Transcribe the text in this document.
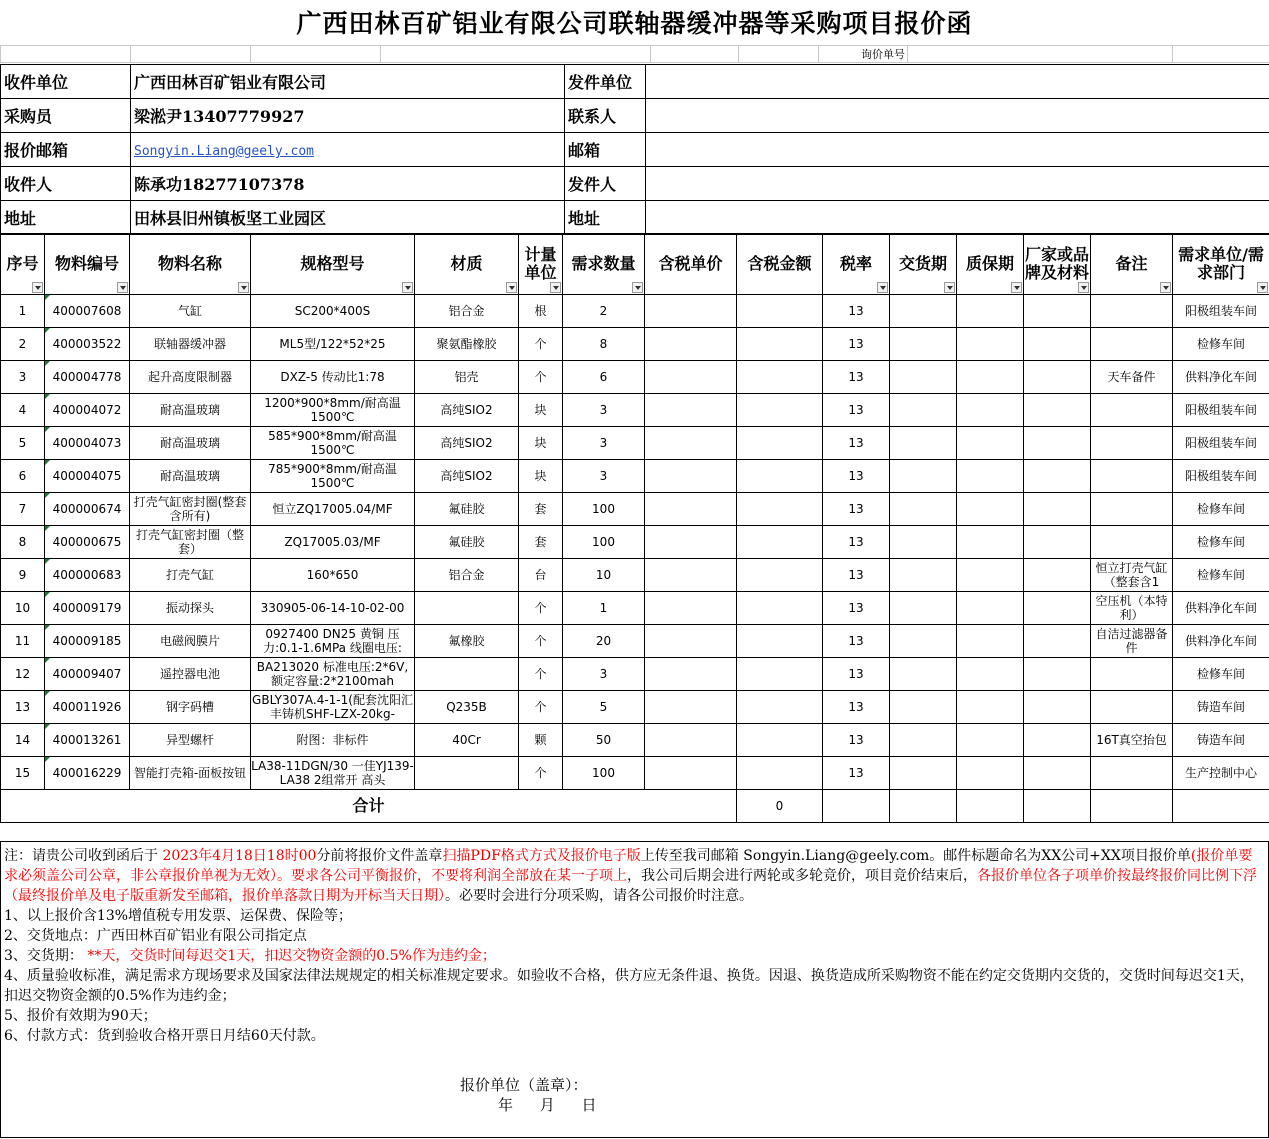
广西田林百矿铝业有限公司联轴器缓冲器等采购项目报价函
						询价单号		
收件单位	广西田林百矿铝业有限公司	发件单位	
采购员	梁淞尹13407779927	联系人	
报价邮箱	Songyin.Liang@geely.com	邮箱	
收件人	陈承功18277107378	发件人	
地址	田林县旧州镇板坚工业园区	地址	
序号	物料编号	物料名称	规格型号	材质	计量单位	需求数量	含税单价	含税金额	税率	交货期	质保期	厂家或品牌及材料	备注	需求单位/需求部门

1	400007608	气缸	SC200*400S	铝合金	根	2			13					阳极组装车间
2	400003522	联轴器缓冲器	ML5型/122*52*25	聚氨酯橡胶	个	8			13					检修车间
3	400004778	起升高度限制器	DXZ-5 传动比1:78	铝壳	个	6			13				天车备件	供料净化车间
4	400004072	耐高温玻璃	1200*900*8mm/耐高温1500℃	高纯SIO2	块	3			13					阳极组装车间
5	400004073	耐高温玻璃	585*900*8mm/耐高温1500℃	高纯SIO2	块	3			13					阳极组装车间
6	400004075	耐高温玻璃	785*900*8mm/耐高温1500℃	高纯SIO2	块	3			13					阳极组装车间
7	400000674	打壳气缸密封圈(整套含所有)	恒立ZQ17005.04/MF	氟硅胶	套	100			13					检修车间
8	400000675	打壳气缸密封圈（整套）	ZQ17005.03/MF	氟硅胶	套	100			13					检修车间
9	400000683	打壳气缸	160*650	铝合金	台	10			13				恒立打壳气缸（整套含1	检修车间
10	400009179	振动探头	330905-06-14-10-02-00		个	1			13				空压机（本特利）	供料净化车间
11	400009185	电磁阀膜片	0927400 DN25 黄铜 压力:0.1-1.6MPa 线圈电压:	氟橡胶	个	20			13				自洁过滤器备件	供料净化车间
12	400009407	遥控器电池	BA213020 标准电压:2*6V, 额定容量:2*2100mah		个	3			13					检修车间
13	400011926	钢字码槽	GBLY307A.4-1-1(配套沈阳汇丰铸机SHF-LZX-20kg-	Q235B	个	5			13					铸造车间
14	400013261	异型螺杆	附图：非标件	40Cr	颗	50			13				16T真空抬包	铸造车间
15	400016229	智能打壳箱-面板按钮	LA38-11DGN/30 一佳YJ139-LA38 2组常开 高头		个	100			13					生产控制中心
合计								0						

注：请贵公司收到函后于 2023年4月18日18时00分前将报价文件盖章扫描PDF格式方式及报价电子版上传至我司邮箱 Songyin.Liang@geely.com。邮件标题命名为XX公司+XX项目报价单(报价单要求必须盖公司公章，非公章报价单视为无效）。要求各公司平衡报价，不要将利润全部放在某一子项上，我公司后期会进行两轮或多轮竞价，项目竞价结束后，各报价单位各子项单价按最终报价同比例下浮（最终报价单及电子版重新发至邮箱，报价单落款日期为开标当天日期）。必要时会进行分项采购，请各公司报价时注意。

1、以上报价含13%增值税专用发票、运保费、保险等；

2、交货地点：广西田林百矿铝业有限公司指定点

3、交货期： **天，交货时间每迟交1天，扣迟交物资金额的0.5%作为违约金；

4、质量验收标准，满足需求方现场要求及国家法律法规规定的相关标准规定要求。如验收不合格，供方应无条件退、换货。因退、换货造成所采购物资不能在约定交货期内交货的，交货时间每迟交1天，扣迟交物资金额的0.5%作为违约金；

5、报价有效期为90天；

6、付款方式：货到验收合格开票日月结60天付款。

报价单位（盖章）：
年 月 日
